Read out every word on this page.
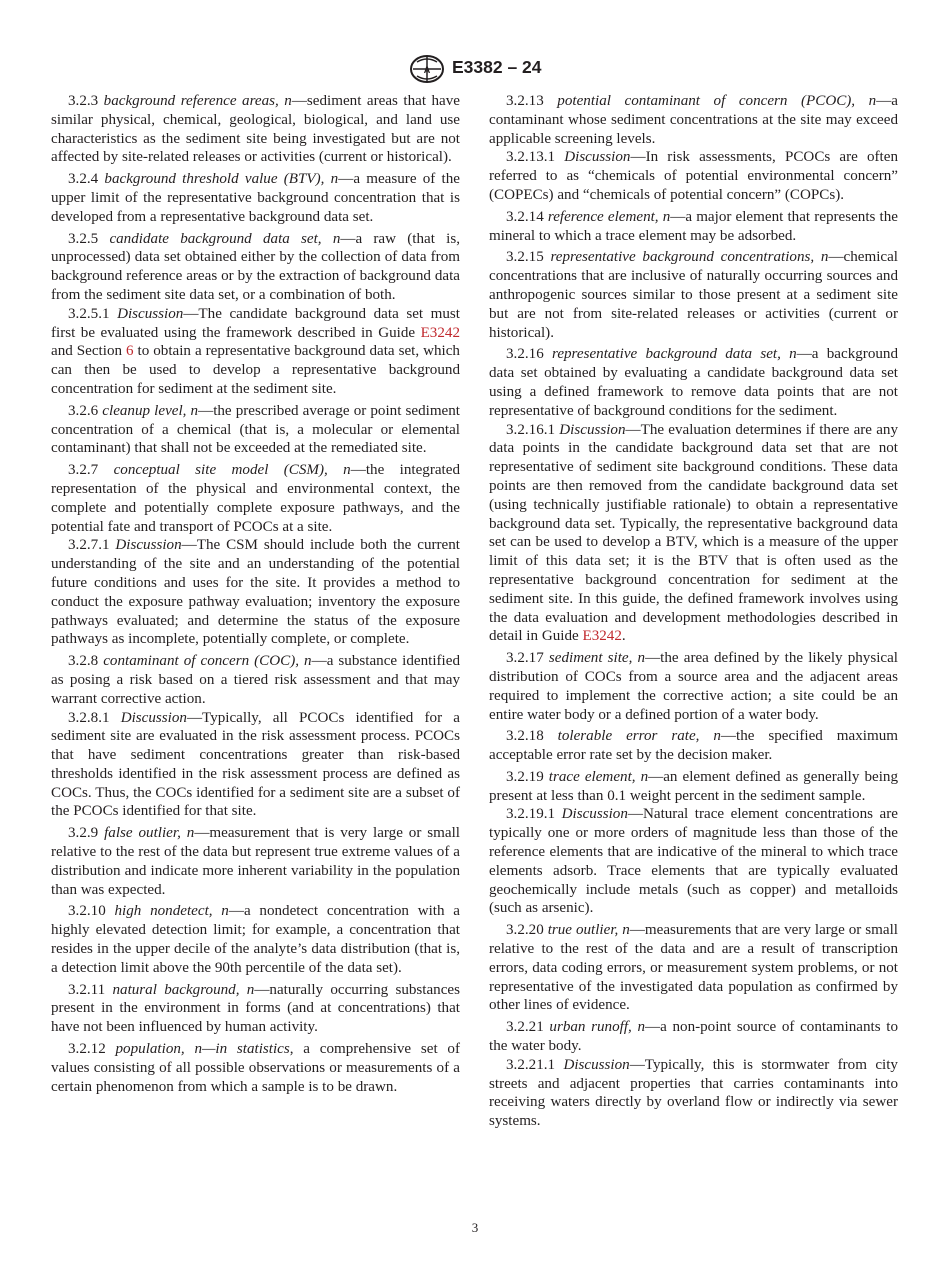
A E3382 – 24

3.2.3 background reference areas, n—sediment areas that have similar physical, chemical, geological, biological, and land use characteristics as the sediment site being investigated but are not affected by site-related releases or activities (current or historical).

3.2.4 background threshold value (BTV), n—a measure of the upper limit of the representative background concentration that is developed from a representative background data set.

3.2.5 candidate background data set, n—a raw (that is, unprocessed) data set obtained either by the collection of data from background reference areas or by the extraction of background data from the sediment site data set, or a combination of both.

3.2.5.1 Discussion—The candidate background data set must first be evaluated using the framework described in Guide E3242 and Section 6 to obtain a representative background data set, which can then be used to develop a representative background concentration for sediment at the sediment site.

3.2.6 cleanup level, n—the prescribed average or point sediment concentration of a chemical (that is, a molecular or elemental contaminant) that shall not be exceeded at the remediated site.

3.2.7 conceptual site model (CSM), n—the integrated representation of the physical and environmental context, the complete and potentially complete exposure pathways, and the potential fate and transport of PCOCs at a site.

3.2.7.1 Discussion—The CSM should include both the current understanding of the site and an understanding of the potential future conditions and uses for the site. It provides a method to conduct the exposure pathway evaluation; inventory the exposure pathways evaluated; and determine the status of the exposure pathways as incomplete, potentially complete, or complete.

3.2.8 contaminant of concern (COC), n—a substance identified as posing a risk based on a tiered risk assessment and that may warrant corrective action.

3.2.8.1 Discussion—Typically, all PCOCs identified for a sediment site are evaluated in the risk assessment process. PCOCs that have sediment concentrations greater than risk-based thresholds identified in the risk assessment process are defined as COCs. Thus, the COCs identified for a sediment site are a subset of the PCOCs identified for that site.

3.2.9 false outlier, n—measurement that is very large or small relative to the rest of the data but represent true extreme values of a distribution and indicate more inherent variability in the population than was expected.

3.2.10 high nondetect, n—a nondetect concentration with a highly elevated detection limit; for example, a concentration that resides in the upper decile of the analyte’s data distribution (that is, a detection limit above the 90th percentile of the data set).

3.2.11 natural background, n—naturally occurring substances present in the environment in forms (and at concentrations) that have not been influenced by human activity.

3.2.12 population, n—in statistics, a comprehensive set of values consisting of all possible observations or measurements of a certain phenomenon from which a sample is to be drawn.

3.2.13 potential contaminant of concern (PCOC), n—a contaminant whose sediment concentrations at the site may exceed applicable screening levels.

3.2.13.1 Discussion—In risk assessments, PCOCs are often referred to as “chemicals of potential environmental concern” (COPECs) and “chemicals of potential concern” (COPCs).

3.2.14 reference element, n—a major element that represents the mineral to which a trace element may be adsorbed.

3.2.15 representative background concentrations, n—chemical concentrations that are inclusive of naturally occurring sources and anthropogenic sources similar to those present at a sediment site but are not from site-related releases or activities (current or historical).

3.2.16 representative background data set, n—a background data set obtained by evaluating a candidate background data set using a defined framework to remove data points that are not representative of background conditions for the sediment.

3.2.16.1 Discussion—The evaluation determines if there are any data points in the candidate background data set that are not representative of sediment site background conditions. These data points are then removed from the candidate background data set (using technically justifiable rationale) to obtain a representative background data set. Typically, the representative background data set can be used to develop a BTV, which is a measure of the upper limit of this data set; it is the BTV that is often used as the representative background concentration for sediment at the sediment site. In this guide, the defined framework involves using the data evaluation and development methodologies described in detail in Guide E3242.

3.2.17 sediment site, n—the area defined by the likely physical distribution of COCs from a source area and the adjacent areas required to implement the corrective action; a site could be an entire water body or a defined portion of a water body.

3.2.18 tolerable error rate, n—the specified maximum acceptable error rate set by the decision maker.

3.2.19 trace element, n—an element defined as generally being present at less than 0.1 weight percent in the sediment sample.

3.2.19.1 Discussion—Natural trace element concentrations are typically one or more orders of magnitude less than those of the reference elements that are indicative of the mineral to which trace elements adsorb. Trace elements that are typically evaluated geochemically include metals (such as copper) and metalloids (such as arsenic).

3.2.20 true outlier, n—measurements that are very large or small relative to the rest of the data and are a result of transcription errors, data coding errors, or measurement system problems, or not representative of the investigated data population as confirmed by other lines of evidence.

3.2.21 urban runoff, n—a non-point source of contaminants to the water body.

3.2.21.1 Discussion—Typically, this is stormwater from city streets and adjacent properties that carries contaminants into receiving waters directly by overland flow or indirectly via sewer systems.

3
